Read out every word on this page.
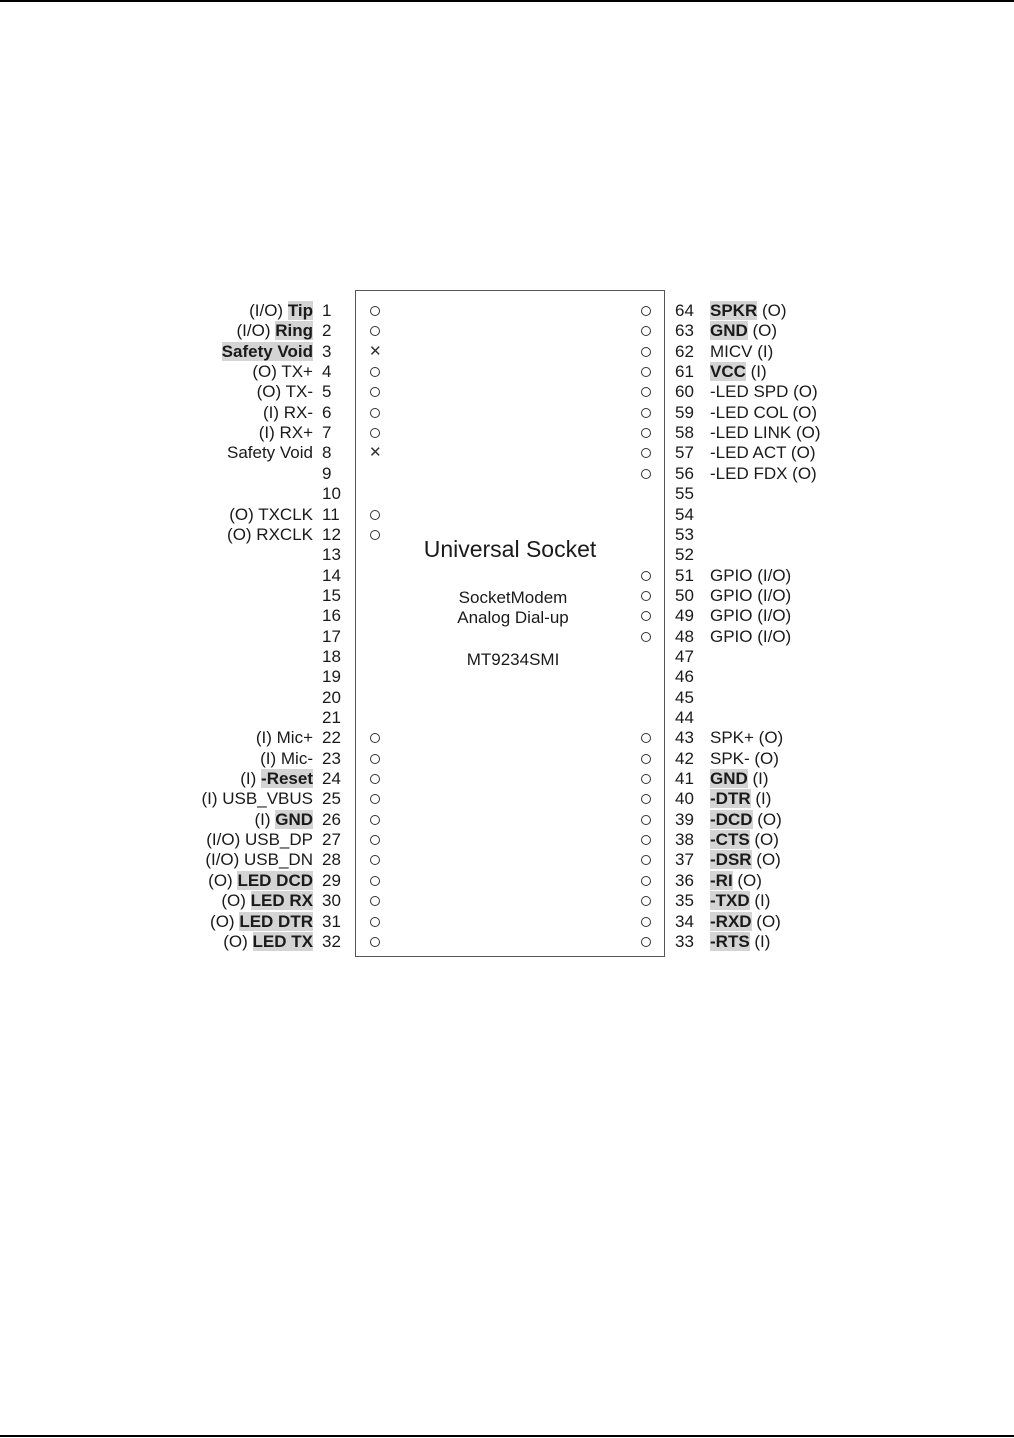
Universal Socket
SocketModem
Analog Dial-up
MT9234SMI
(I/O) Tip 1
(I/O) Ring 2
Safety Void 3	✕
(O) TX+ 4
(O) TX- 5
(I) RX- 6
(I) RX+ 7
Safety Void 8	✕
9
10
(O) TXCLK 11
(O) RXCLK 12
13
14
15
16
17
18
19
20
21
(I) Mic+ 22
(I) Mic- 23
(I) -Reset 24
(I) USB_VBUS 25
(I) GND 26
(I/O) USB_DP 27
(I/O) USB_DN 28
(O) LED DCD 29
(O) LED RX 30
(O) LED DTR 31
(O) LED TX 32
SPKR (O)
64
GND (O)
63
MICV (I)
62
VCC (I)
61
-LED SPD (O)
60
-LED COL (O)
59
-LED LINK (O)
58
-LED ACT (O)
57
-LED FDX (O)
56
55
54
53
52
GPIO (I/O)
51
GPIO (I/O)
50
GPIO (I/O)
49
GPIO (I/O)
48
47
46
45
44
SPK+ (O)
43
SPK- (O)
42
GND (I)
41
-DTR (I)
40
-DCD (O)
39
-CTS (O)
38
-DSR (O)
37
-RI (O)
36
-TXD (I)
35
-RXD (O)
34
-RTS (I)
33
